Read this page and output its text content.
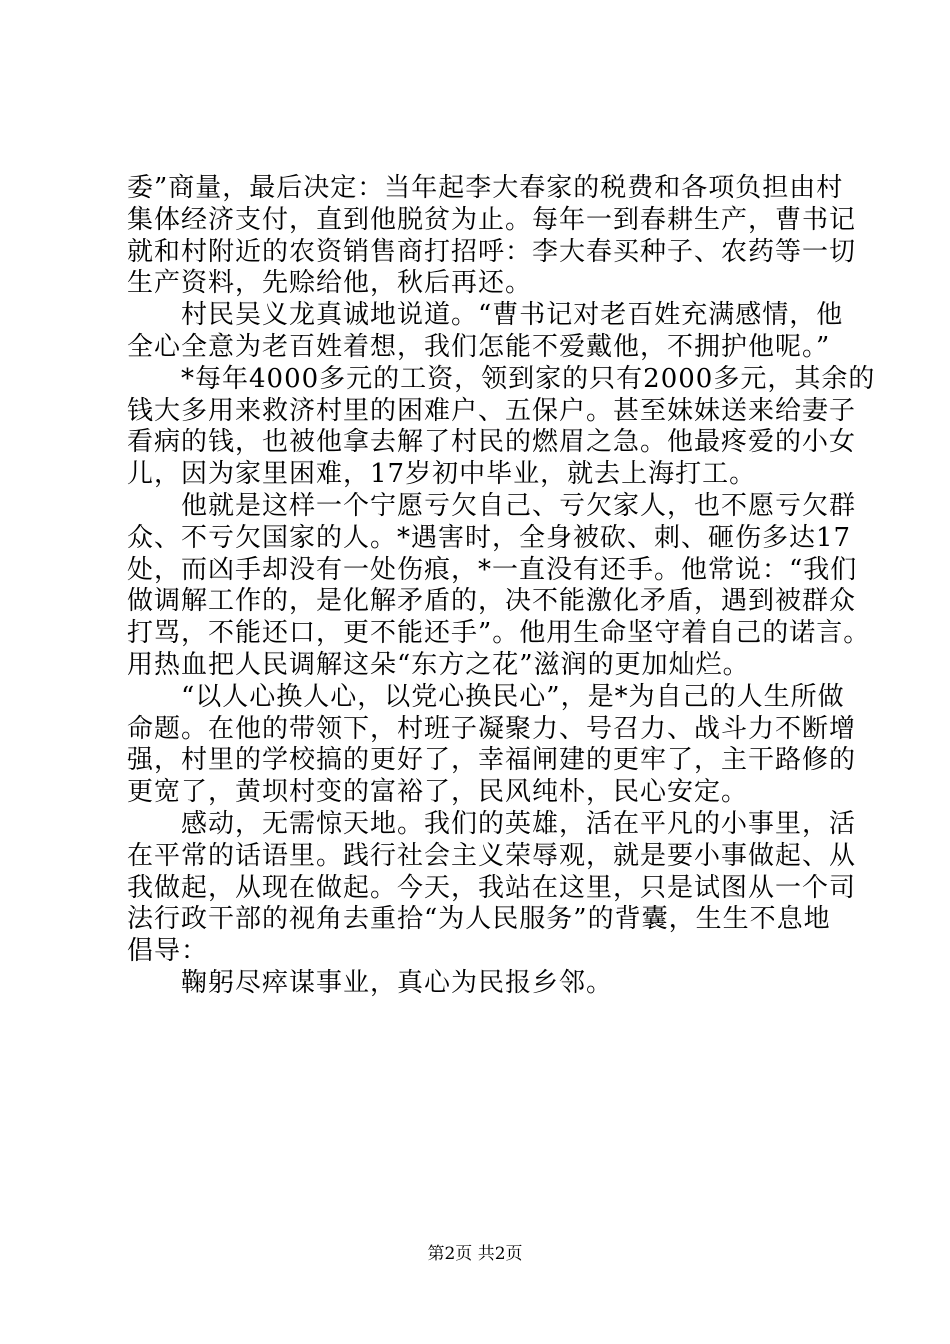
委”商量，最后决定：当年起李大春家的税费和各项负担由村
集体经济支付，直到他脱贫为止。每年一到春耕生产，曹书记
就和村附近的农资销售商打招呼：李大春买种子、农药等一切
生产资料，先赊给他，秋后再还。

村民吴义龙真诚地说道。“曹书记对老百姓充满感情，他
全心全意为老百姓着想，我们怎能不爱戴他，不拥护他呢。”

*每年4000多元的工资，领到家的只有2000多元，其余的
钱大多用来救济村里的困难户、五保户。甚至妹妹送来给妻子
看病的钱，也被他拿去解了村民的燃眉之急。他最疼爱的小女
儿，因为家里困难，17岁初中毕业，就去上海打工。

他就是这样一个宁愿亏欠自己、亏欠家人，也不愿亏欠群
众、不亏欠国家的人。*遇害时，全身被砍、刺、砸伤多达17
处，而凶手却没有一处伤痕，*一直没有还手。他常说：“我们
做调解工作的，是化解矛盾的，决不能激化矛盾，遇到被群众
打骂，不能还口，更不能还手”。他用生命坚守着自己的诺言。
用热血把人民调解这朵“东方之花”滋润的更加灿烂。

“以人心换人心，以党心换民心”，是*为自己的人生所做
命题。在他的带领下，村班子凝聚力、号召力、战斗力不断增
强，村里的学校搞的更好了，幸福闸建的更牢了，主干路修的
更宽了，黄坝村变的富裕了，民风纯朴，民心安定。

感动，无需惊天地。我们的英雄，活在平凡的小事里，活
在平常的话语里。践行社会主义荣辱观，就是要小事做起、从
我做起，从现在做起。今天，我站在这里，只是试图从一个司
法行政干部的视角去重拾“为人民服务”的背囊，生生不息地
倡导：

鞠躬尽瘁谋事业，真心为民报乡邻。

第2页 共2页
